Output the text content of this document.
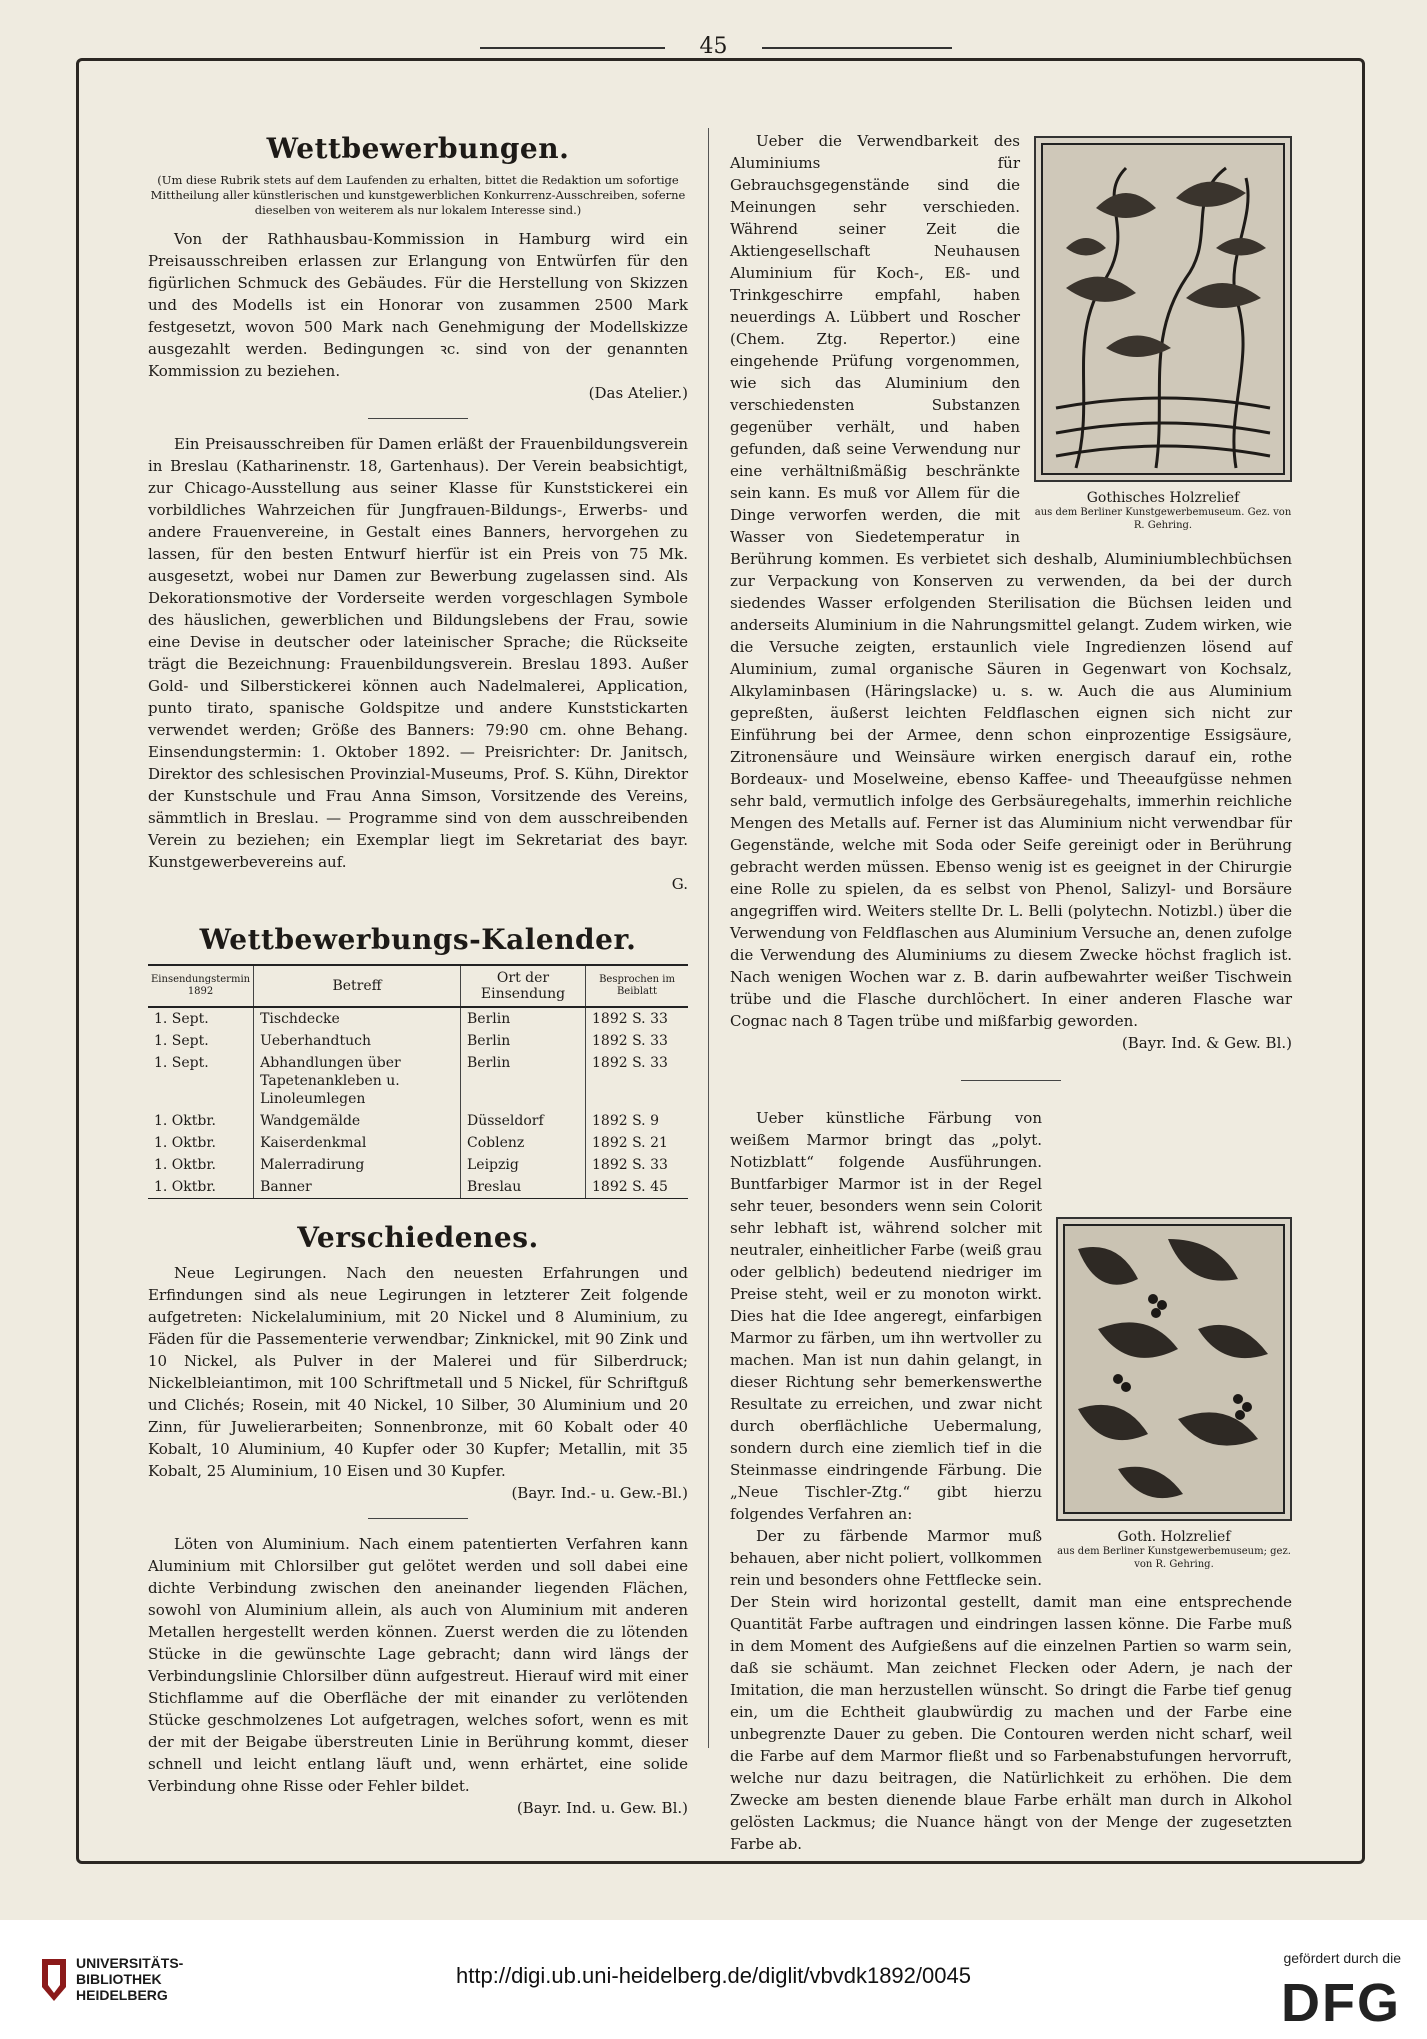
45
Wettbewerbungen.

(Um diese Rubrik stets auf dem Laufenden zu erhalten, bittet die Redaktion um sofortige Mittheilung aller künstlerischen und kunstgewerblichen Konkurrenz-Ausschreiben, soferne dieselben von weiterem als nur lokalem Interesse sind.)

Von der Rathhausbau-Kommission in Hamburg wird ein Preisausschreiben erlassen zur Erlangung von Entwürfen für den figürlichen Schmuck des Gebäudes. Für die Herstellung von Skizzen und des Modells ist ein Honorar von zusammen 2500 Mark festgesetzt, wovon 500 Mark nach Genehmigung der Modellskizze ausgezahlt werden. Bedingungen ꝛc. sind von der genannten Kommission zu beziehen.

(Das Atelier.)

Ein Preisausschreiben für Damen erläßt der Frauenbildungsverein in Breslau (Katharinenstr. 18, Gartenhaus). Der Verein beabsichtigt, zur Chicago-Ausstellung aus seiner Klasse für Kunststickerei ein vorbildliches Wahrzeichen für Jungfrauen-Bildungs-, Erwerbs- und andere Frauenvereine, in Gestalt eines Banners, hervorgehen zu lassen, für den besten Entwurf hierfür ist ein Preis von 75 Mk. ausgesetzt, wobei nur Damen zur Bewerbung zugelassen sind. Als Dekorationsmotive der Vorderseite werden vorgeschlagen Symbole des häuslichen, gewerblichen und Bildungslebens der Frau, sowie eine Devise in deutscher oder lateinischer Sprache; die Rückseite trägt die Bezeichnung: Frauenbildungsverein. Breslau 1893. Außer Gold- und Silberstickerei können auch Nadelmalerei, Application, punto tirato, spanische Goldspitze und andere Kunststickarten verwendet werden; Größe des Banners: 79:90 cm. ohne Behang. Einsendungstermin: 1. Oktober 1892. — Preisrichter: Dr. Janitsch, Direktor des schlesischen Provinzial-Museums, Prof. S. Kühn, Direktor der Kunstschule und Frau Anna Simson, Vorsitzende des Vereins, sämmtlich in Breslau. — Programme sind von dem ausschreibenden Verein zu beziehen; ein Exemplar liegt im Sekretariat des bayr. Kunstgewerbevereins auf.

G.

Wettbewerbungs-Kalender.
Einsendungstermin 1892	Betreff	Ort der Einsendung	Besprochen im Beiblatt
1. Sept.	Tischdecke	Berlin	1892 S. 33
1. Sept.	Ueberhandtuch	Berlin	1892 S. 33
1. Sept.	Abhandlungen über Tapetenankleben u. Linoleumlegen	Berlin	1892 S. 33
1. Oktbr.	Wandgemälde	Düsseldorf	1892 S. 9
1. Oktbr.	Kaiserdenkmal	Coblenz	1892 S. 21
1. Oktbr.	Malerradirung	Leipzig	1892 S. 33
1. Oktbr.	Banner	Breslau	1892 S. 45
Verschiedenes.

Neue Legirungen. Nach den neuesten Erfahrungen und Erfindungen sind als neue Legirungen in letzterer Zeit folgende aufgetreten: Nickelaluminium, mit 20 Nickel und 8 Aluminium, zu Fäden für die Passementerie verwendbar; Zinknickel, mit 90 Zink und 10 Nickel, als Pulver in der Malerei und für Silberdruck; Nickelbleiantimon, mit 100 Schriftmetall und 5 Nickel, für Schriftguß und Clichés; Rosein, mit 40 Nickel, 10 Silber, 30 Aluminium und 20 Zinn, für Juwelierarbeiten; Sonnenbronze, mit 60 Kobalt oder 40 Kobalt, 10 Aluminium, 40 Kupfer oder 30 Kupfer; Metallin, mit 35 Kobalt, 25 Aluminium, 10 Eisen und 30 Kupfer.

(Bayr. Ind.- u. Gew.-Bl.)

Löten von Aluminium. Nach einem patentierten Verfahren kann Aluminium mit Chlorsilber gut gelötet werden und soll dabei eine dichte Verbindung zwischen den aneinander liegenden Flächen, sowohl von Aluminium allein, als auch von Aluminium mit anderen Metallen hergestellt werden können. Zuerst werden die zu lötenden Stücke in die gewünschte Lage gebracht; dann wird längs der Verbindungslinie Chlorsilber dünn aufgestreut. Hierauf wird mit einer Stichflamme auf die Oberfläche der mit einander zu verlötenden Stücke geschmolzenes Lot aufgetragen, welches sofort, wenn es mit der mit der Beigabe überstreuten Linie in Berührung kommt, dieser schnell und leicht entlang läuft und, wenn erhärtet, eine solide Verbindung ohne Risse oder Fehler bildet.

(Bayr. Ind. u. Gew. Bl.)

Gothisches Holzrelief
aus dem Berliner Kunstgewerbemuseum. Gez. von R. Gehring.

Ueber die Verwendbarkeit des Aluminiums für Gebrauchsgegenstände sind die Meinungen sehr verschieden. Während seiner Zeit die Aktiengesellschaft Neuhausen Aluminium für Koch-, Eß- und Trinkgeschirre empfahl, haben neuerdings A. Lübbert und Roscher (Chem. Ztg. Repertor.) eine eingehende Prüfung vorgenommen, wie sich das Aluminium den verschiedensten Substanzen gegenüber verhält, und haben gefunden, daß seine Verwendung nur eine verhältnißmäßig beschränkte sein kann. Es muß vor Allem für die Dinge verworfen werden, die mit Wasser von Siedetemperatur in Berührung kommen. Es verbietet sich deshalb, Aluminiumblechbüchsen zur Verpackung von Konserven zu verwenden, da bei der durch siedendes Wasser erfolgenden Sterilisation die Büchsen leiden und anderseits Aluminium in die Nahrungsmittel gelangt. Zudem wirken, wie die Versuche zeigten, erstaunlich viele Ingredienzen lösend auf Aluminium, zumal organische Säuren in Gegenwart von Kochsalz, Alkylaminbasen (Häringslacke) u. s. w. Auch die aus Aluminium gepreßten, äußerst leichten Feldflaschen eignen sich nicht zur Einführung bei der Armee, denn schon einprozentige Essigsäure, Zitronensäure und Weinsäure wirken energisch darauf ein, rothe Bordeaux- und Moselweine, ebenso Kaffee- und Theeaufgüsse nehmen sehr bald, vermutlich infolge des Gerbsäuregehalts, immerhin reichliche Mengen des Metalls auf. Ferner ist das Aluminium nicht verwendbar für Gegenstände, welche mit Soda oder Seife gereinigt oder in Berührung gebracht werden müssen. Ebenso wenig ist es geeignet in der Chirurgie eine Rolle zu spielen, da es selbst von Phenol, Salizyl- und Borsäure angegriffen wird. Weiters stellte Dr. L. Belli (polytechn. Notizbl.) über die Verwendung von Feldflaschen aus Aluminium Versuche an, denen zufolge die Verwendung des Aluminiums zu diesem Zwecke höchst fraglich ist. Nach wenigen Wochen war z. B. darin aufbewahrter weißer Tischwein trübe und die Flasche durchlöchert. In einer anderen Flasche war Cognac nach 8 Tagen trübe und mißfarbig geworden.

(Bayr. Ind. & Gew. Bl.)

Goth. Holzrelief
aus dem Berliner Kunstgewerbemuseum; gez. von R. Gehring.

Ueber künstliche Färbung von weißem Marmor bringt das „polyt. Notizblatt“ folgende Ausführungen. Buntfarbiger Marmor ist in der Regel sehr teuer, besonders wenn sein Colorit sehr lebhaft ist, während solcher mit neutraler, einheitlicher Farbe (weiß grau oder gelblich) bedeutend niedriger im Preise steht, weil er zu monoton wirkt. Dies hat die Idee angeregt, einfarbigen Marmor zu färben, um ihn wertvoller zu machen. Man ist nun dahin gelangt, in dieser Richtung sehr bemerkenswerthe Resultate zu erreichen, und zwar nicht durch oberflächliche Uebermalung, sondern durch eine ziemlich tief in die Steinmasse eindringende Färbung. Die „Neue Tischler-Ztg.“ gibt hierzu folgendes Verfahren an:

Der zu färbende Marmor muß behauen, aber nicht poliert, vollkommen rein und besonders ohne Fettflecke sein. Der Stein wird horizontal gestellt, damit man eine entsprechende Quantität Farbe auftragen und eindringen lassen könne. Die Farbe muß in dem Moment des Aufgießens auf die einzelnen Partien so warm sein, daß sie schäumt. Man zeichnet Flecken oder Adern, je nach der Imitation, die man herzustellen wünscht. So dringt die Farbe tief genug ein, um die Echtheit glaubwürdig zu machen und der Farbe eine unbegrenzte Dauer zu geben. Die Contouren werden nicht scharf, weil die Farbe auf dem Marmor fließt und so Farbenabstufungen hervorruft, welche nur dazu beitragen, die Natürlichkeit zu erhöhen. Die dem Zwecke am besten dienende blaue Farbe erhält man durch in Alkohol gelösten Lackmus; die Nuance hängt von der Menge der zugesetzten Farbe ab.

UNIVERSITÄTS-
BIBLIOTHEK
HEIDELBERG
http://digi.ub.uni-heidelberg.de/diglit/vbvdk1892/0045
gefördert durch die
DFG
